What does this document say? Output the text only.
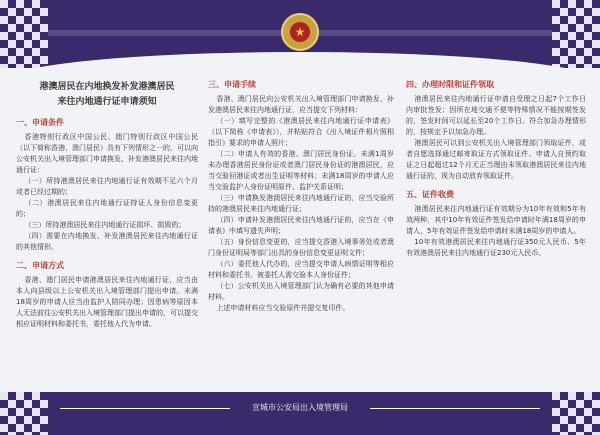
★
港澳居民在内地换发补发港澳居民
来往内地通行证申请须知
一、申请条件

香港特别行政区中国公民、澳门特别行政区中国公民（以下简称香港、澳门居民）具有下列情形之一的，可以向公安机关出入境管理部门申请换发、补发港澳居民来往内地通行证：

（一）所持港澳居民来往内地通行证有效期不足六个月或者已经过期的；

（二）港澳居民来往内地通行证持证人身份信息变更的；

（三）所持港澳居民来往内地通行证损坏、损毁的；

（四）需要在内地换发、补发港澳居民来往内地通行证的其他情形。

二、申请方式

香港、澳门居民申请港澳居民来往内地通行证，应当由本人向县级以上公安机关出入境管理部门提出申请。未满18周岁的申请人应当由监护人陪同办理；因患病等原因本人无法前往公安机关出入境管理部门提出申请的，可以提交相应证明材料和委托书，委托他人代为申请。

三、申请手续

香港、澳门居民向公安机关出入境管理部门申请换发、补发港澳居民来往内地通行证，应当提交下列材料：

（一）填写完整的《港澳居民来往内地通行证申请表》（以下简称《申请表》），并粘贴符合《出入境证件相片照相指引》要求的申请人照片；

（二）申请人有效的香港、澳门居民身份证。未满1周岁未办理香港居民身份证或者澳门居民身份证的港澳居民，应当交验回港证或者出生证明等材料；未满18周岁的申请人应当交验监护人身份证明原件、监护关系证明；

（三）申请换发港澳居民来往内地通行证的，应当交验所持的港澳居民来往内地通行证；

（四）申请补发港澳居民来往内地通行证的，应当在《申请表》中填写遗失声明；

（五）身份信息变更的，应当提交香港入境事务处或者澳门身份证明局等部门出具的身份信息变更证明文件；

（六）委托他人代办的，应当提交申请人病情证明等相应材料和委托书，被委托人需交验本人身份证件；

（七）公安机关出入境管理部门认为确有必要的其他申请材料。

上述申请材料应当交验原件并提交复印件。

四、办理时限和证件领取

港澳居民来往内地通行证申请自受理之日起7个工作日内审批签发；因所在地交通不便等特殊情况不能按期签发的，签发时间可以延长至20个工作日。符合加急办理情形的，按规定予以加急办理。

港澳居民可以到公安机关出入境管理部门领取证件，或者自愿选择通过邮寄取证方式领取证件。申请人自预约取证之日起超过12个月无正当理由未领取港澳居民来往内地通行证的，视为自动放弃领取证件。

五、证件收费

港澳居民来往内地通行证有效期分为10年有效和5年有效两种，其中10年有效证件签发给申请时年满18周岁的申请人，5年有效证件签发给申请时未满18周岁的申请人。

10年有效港澳居民来往内地通行证350元人民币、5年有效港澳居民来往内地通行证230元人民币。

宣城市公安局出入境管理局
